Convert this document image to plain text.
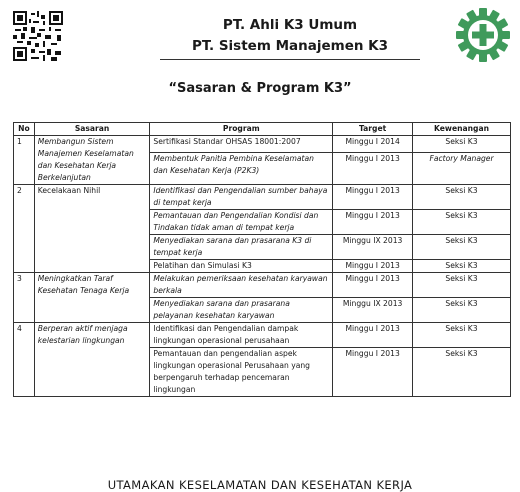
PT. Ahli K3 Umum

PT. Sistem Manajemen K3
“Sasaran & Program K3”
No	Sasaran	Program	Target	Kewenangan
1	Membangun Sistem Manajemen Keselamatan dan Kesehatan Kerja Berkelanjutan	Sertifikasi Standar OHSAS 18001:2007	Minggu I 2014	Seksi K3
		Membentuk Panitia Pembina Keselamatan dan Kesehatan Kerja (P2K3)	Minggu I 2013	Factory Manager
2	Kecelakaan Nihil	Identifikasi dan Pengendalian sumber bahaya di tempat kerja	Minggu I 2013	Seksi K3
		Pemantauan dan Pengendalian Kondisi dan Tindakan tidak aman di tempat kerja	Minggu I 2013	Seksi K3
		Menyediakan sarana dan prasarana K3 di tempat kerja	Minggu IX 2013	Seksi K3
		Pelatihan dan Simulasi K3	Minggu I 2013	Seksi K3
3	Meningkatkan Taraf Kesehatan Tenaga Kerja	Melakukan pemeriksaan kesehatan karyawan berkala	Minggu I 2013	Seksi K3
		Menyediakan sarana dan prasarana pelayanan kesehatan karyawan	Minggu IX 2013	Seksi K3
4	Berperan aktif menjaga kelestarian lingkungan	Identifikasi dan Pengendalian dampak lingkungan operasional perusahaan	Minggu I 2013	Seksi K3
		Pemantauan dan pengendalian aspek lingkungan operasional Perusahaan yang berpengaruh terhadap pencemaran lingkungan	Minggu I 2013	Seksi K3
UTAMAKAN KESELAMATAN DAN KESEHATAN KERJA
